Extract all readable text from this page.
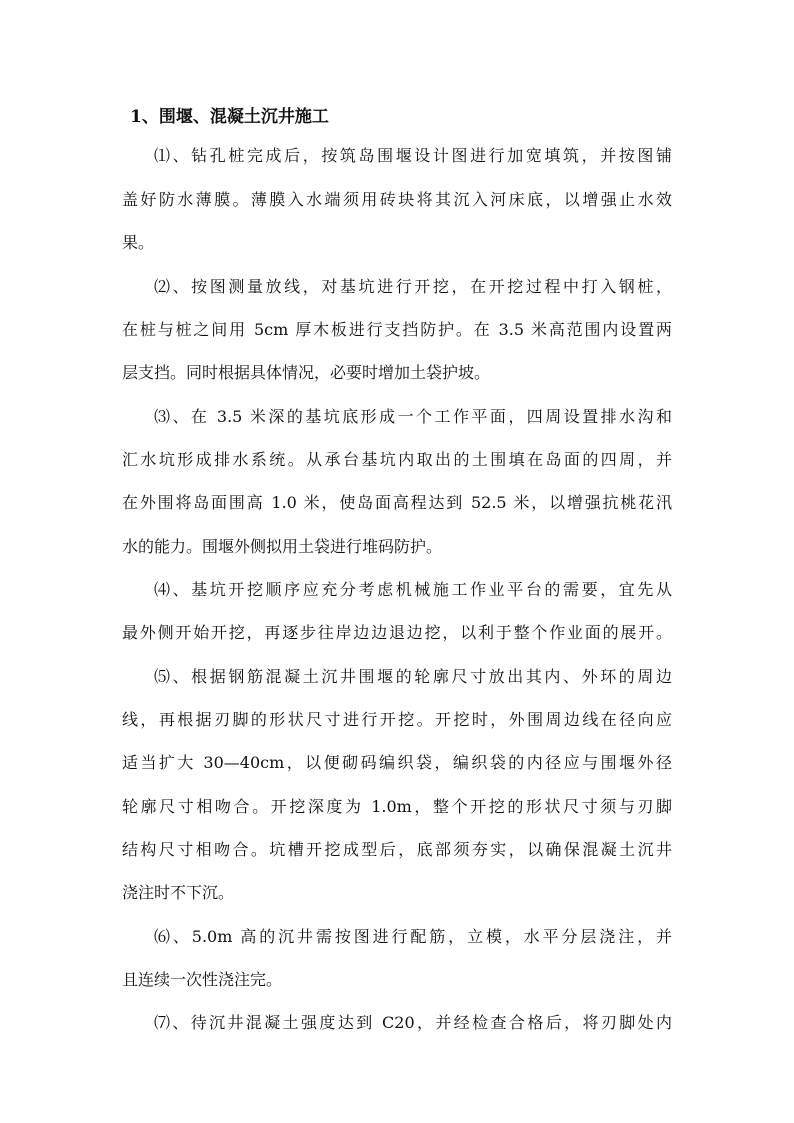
1、围堰、混凝土沉井施工
⑴、钻孔桩完成后，按筑岛围堰设计图进行加宽填筑，并按图铺
盖好防水薄膜。薄膜入水端须用砖块将其沉入河床底，以增强止水效
果。
⑵、按图测量放线，对基坑进行开挖，在开挖过程中打入钢桩，
在桩与桩之间用 5cm 厚木板进行支挡防护。在 3.5 米高范围内设置两
层支挡。同时根据具体情况，必要时增加土袋护坡。
⑶、在 3.5 米深的基坑底形成一个工作平面，四周设置排水沟和
汇水坑形成排水系统。从承台基坑内取出的土围填在岛面的四周，并
在外围将岛面围高 1.0 米，使岛面高程达到 52.5 米，以增强抗桃花汛
水的能力。围堰外侧拟用土袋进行堆码防护。
⑷、基坑开挖顺序应充分考虑机械施工作业平台的需要，宜先从
最外侧开始开挖，再逐步往岸边边退边挖，以利于整个作业面的展开。
⑸、根据钢筋混凝土沉井围堰的轮廓尺寸放出其内、外环的周边
线，再根据刃脚的形状尺寸进行开挖。开挖时，外围周边线在径向应
适当扩大 30—40cm，以便砌码编织袋，编织袋的内径应与围堰外径
轮廓尺寸相吻合。开挖深度为 1.0m，整个开挖的形状尺寸须与刃脚
结构尺寸相吻合。坑槽开挖成型后，底部须夯实，以确保混凝土沉井
浇注时不下沉。
⑹、5.0m 高的沉井需按图进行配筋，立模，水平分层浇注，并
且连续一次性浇注完。
⑺、待沉井混凝土强度达到 C20，并经检查合格后，将刃脚处内
